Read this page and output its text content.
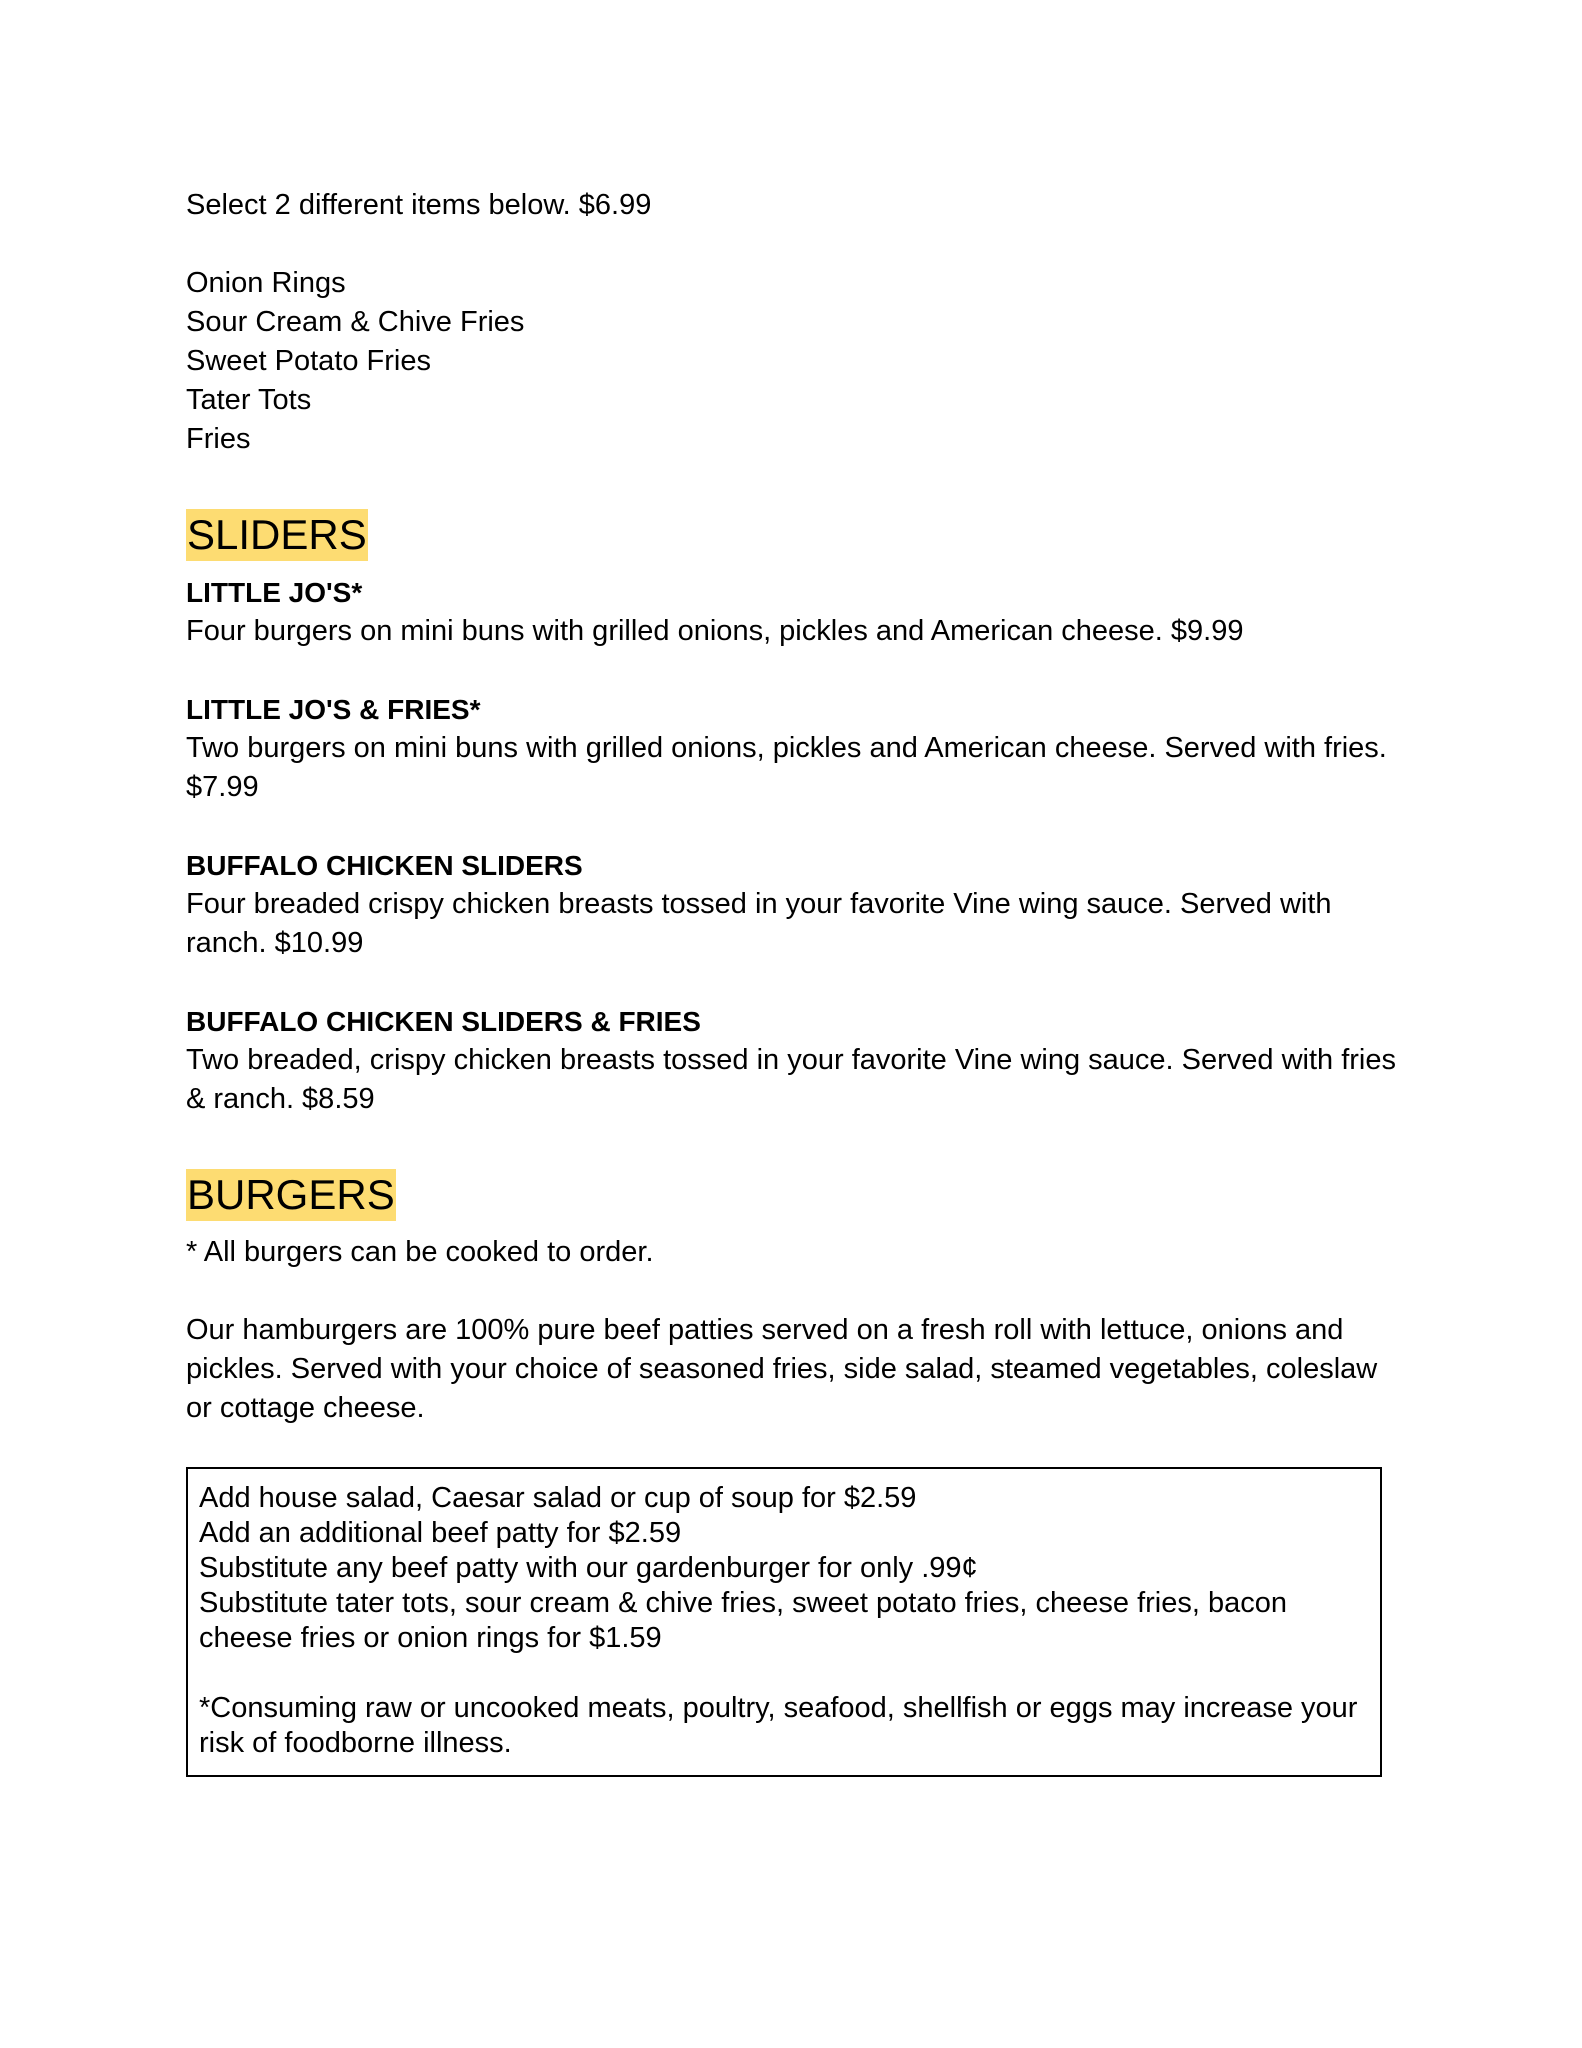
Select 2 different items below. $6.99

Onion Rings
Sour Cream & Chive Fries
Sweet Potato Fries
Tater Tots
Fries
SLIDERS

LITTLE JO'S*

Four burgers on mini buns with grilled onions, pickles and American cheese. $9.99

LITTLE JO'S & FRIES*

Two burgers on mini buns with grilled onions, pickles and American cheese. Served with fries. $7.99

BUFFALO CHICKEN SLIDERS

Four breaded crispy chicken breasts tossed in your favorite Vine wing sauce. Served with ranch. $10.99

BUFFALO CHICKEN SLIDERS & FRIES

Two breaded, crispy chicken breasts tossed in your favorite Vine wing sauce. Served with fries & ranch. $8.59

BURGERS

* All burgers can be cooked to order.

Our hamburgers are 100% pure beef patties served on a fresh roll with lettuce, onions and pickles. Served with your choice of seasoned fries, side salad, steamed vegetables, coleslaw or cottage cheese.

Add house salad, Caesar salad or cup of soup for $2.59

Add an additional beef patty for $2.59

Substitute any beef patty with our gardenburger for only .99¢

Substitute tater tots, sour cream & chive fries, sweet potato fries, cheese fries, bacon cheese fries or onion rings for $1.59

*Consuming raw or uncooked meats, poultry, seafood, shellfish or eggs may increase your risk of foodborne illness.
